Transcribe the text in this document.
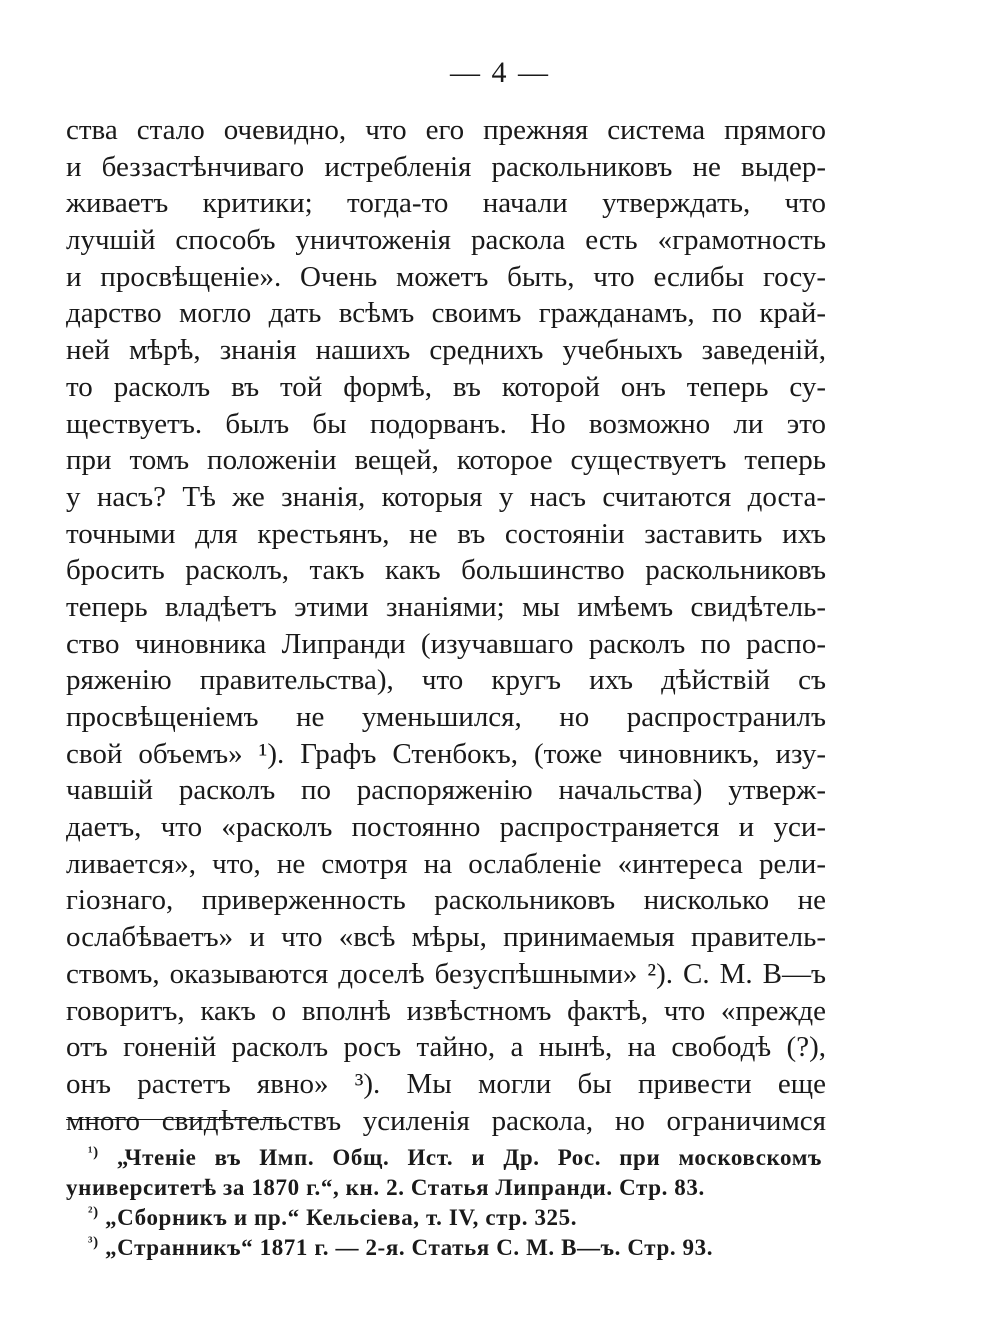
— 4 —
ства стало очевидно, что его прежняя система прямого
и беззастѣнчиваго истребленія раскольниковъ не выдер-
живаетъ критики; тогда-то начали утверждать, что
лучшій способъ уничтоженія раскола есть «грамотность
и просвѣщеніе». Очень можетъ быть, что еслибы госу-
дарство могло дать всѣмъ своимъ гражданамъ, по край-
ней мѣрѣ, знанія нашихъ среднихъ учебныхъ заведеній,
то расколъ въ той формѣ, въ которой онъ теперь су-
ществуетъ. былъ бы подорванъ. Но возможно ли это
при томъ положеніи вещей, которое существуетъ теперь
у насъ? Тѣ же знанія, которыя у насъ считаются доста-
точными для крестьянъ, не въ состояніи заставить ихъ
бросить расколъ, такъ какъ большинство раскольниковъ
теперь владѣетъ этими знаніями; мы имѣемъ свидѣтель-
ство чиновника Липранди (изучавшаго расколъ по распо-
ряженію правительства), что кругъ ихъ дѣйствій съ
просвѣщеніемъ не уменьшился, но распространилъ
свой объемъ» ¹). Графъ Стенбокъ, (тоже чиновникъ, изу-
чавшій расколъ по распоряженію начальства) утверж-
даетъ, что «расколъ постоянно распространяется и уси-
ливается», что, не смотря на ослабленіе «интереса рели-
гіознаго, приверженность раскольниковъ нисколько не
ослабѣваетъ» и что «всѣ мѣры, принимаемыя правитель-
ствомъ, оказываются доселѣ безуспѣшными» ²). С. М. В—ъ
говоритъ, какъ о вполнѣ извѣстномъ фактѣ, что «прежде
отъ гоненій расколъ росъ тайно, а нынѣ, на свободѣ (?),
онъ растетъ явно» ³). Мы могли бы привести еще
много свидѣтельствъ усиленія раскола, но ограничимся
$^{^1)}$ „Чтеніе въ Имп. Общ. Ист. и Др. Рос. при московскомъ
университетѣ за 1870 г.“, кн. 2. Статья Липранди. Стр. 83.
$^{^2)}$ „Сборникъ и пр.“ Кельсіева, т. IV, стр. 325.
$^{^3)}$ „Странникъ“ 1871 г. — 2-я. Статья С. М. В—ъ. Стр. 93.
